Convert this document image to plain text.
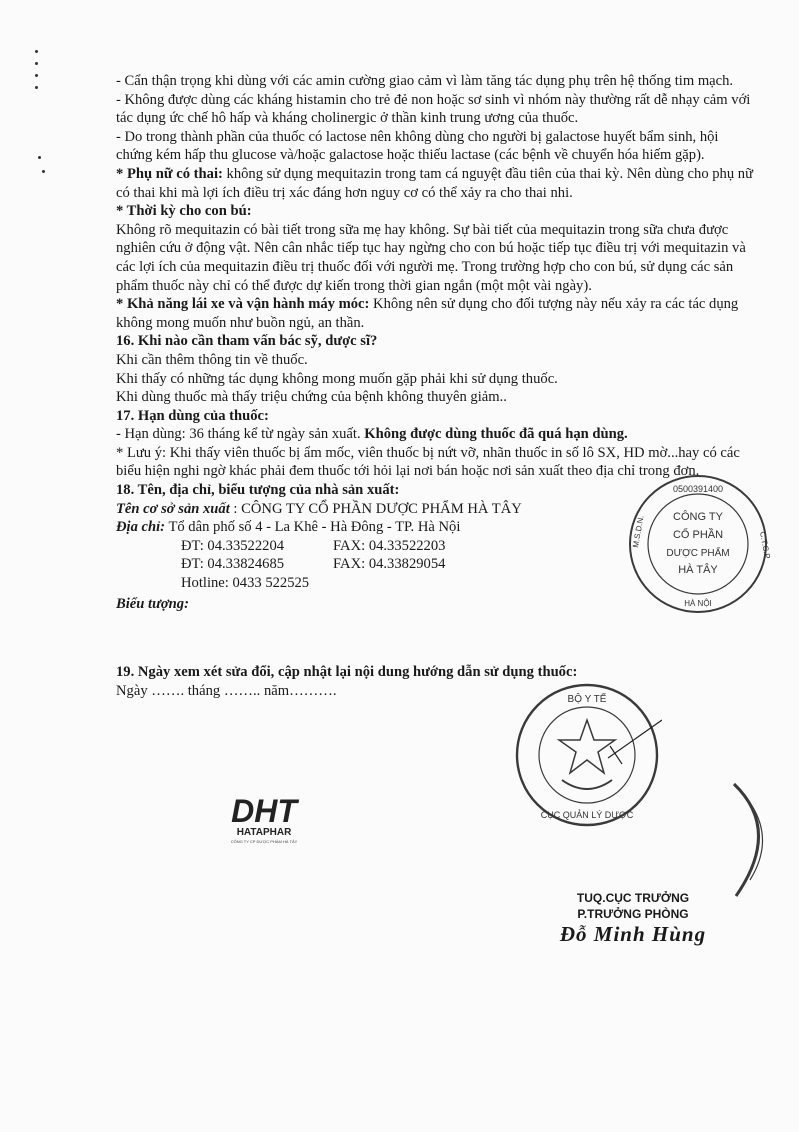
- Cẩn thận trọng khi dùng với các amin cường giao cảm vì làm tăng tác dụng phụ trên hệ thống tim mạch.

- Không được dùng các kháng histamin cho trẻ đẻ non hoặc sơ sinh vì nhóm này thường rất dễ nhạy cảm với tác dụng ức chế hô hấp và kháng cholinergic ở thần kinh trung ương của thuốc.

- Do trong thành phần của thuốc có lactose nên không dùng cho người bị galactose huyết bẩm sinh, hội chứng kém hấp thu glucose và/hoặc galactose hoặc thiếu lactase (các bệnh về chuyển hóa hiếm gặp).

* Phụ nữ có thai: không sử dụng mequitazin trong tam cá nguyệt đầu tiên của thai kỳ. Nên dùng cho phụ nữ có thai khi mà lợi ích điều trị xác đáng hơn nguy cơ có thể xảy ra cho thai nhi.

* Thời kỳ cho con bú:

Không rõ mequitazin có bài tiết trong sữa mẹ hay không. Sự bài tiết của mequitazin trong sữa chưa được nghiên cứu ở động vật. Nên cân nhắc tiếp tục hay ngừng cho con bú hoặc tiếp tục điều trị với mequitazin và các lợi ích của mequitazin điều trị thuốc đối với người mẹ. Trong trường hợp cho con bú, sử dụng các sản phẩm thuốc này chỉ có thể được dự kiến trong thời gian ngắn (một một vài ngày).

* Khả năng lái xe và vận hành máy móc: Không nên sử dụng cho đối tượng này nếu xảy ra các tác dụng không mong muốn như buồn ngủ, an thần.

16. Khi nào cần tham vấn bác sỹ, dược sĩ?

Khi cần thêm thông tin về thuốc.

Khi thấy có những tác dụng không mong muốn gặp phải khi sử dụng thuốc.

Khi dùng thuốc mà thấy triệu chứng của bệnh không thuyên giảm..

17. Hạn dùng của thuốc:

- Hạn dùng: 36 tháng kể từ ngày sản xuất. Không được dùng thuốc đã quá hạn dùng.

* Lưu ý: Khi thấy viên thuốc bị ẩm mốc, viên thuốc bị nứt vỡ, nhãn thuốc in số lô SX, HD mờ...hay có các biểu hiện nghi ngờ khác phải đem thuốc tới hỏi lại nơi bán hoặc nơi sản xuất theo địa chỉ trong đơn.

18. Tên, địa chỉ, biểu tượng của nhà sản xuất:

Tên cơ sở sản xuất : CÔNG TY CỔ PHẦN DƯỢC PHẨM HÀ TÂY

Địa chỉ: Tổ dân phố số 4 - La Khê - Hà Đông - TP. Hà Nội

ĐT: 04.33522204	FAX: 04.33522203
ĐT: 04.33824685	FAX: 04.33829054

Hotline: 0433 522525

Biểu tượng:

19. Ngày xem xét sửa đổi, cập nhật lại nội dung hướng dẫn sử dụng thuốc:

Ngày ……. tháng …….. năm……….

DHT
HATAPHAR
CÔNG TY CP DƯỢC PHẨM HÀ TÂY
0500391400
M.S.D.N.	C.T.C.P
HÀ NỘI
CÔNG TY
CỔ PHẦN
DƯỢC PHẨM
HÀ TÂY
BỘ Y TẾ
CỤC QUẢN LÝ DƯỢC
TUQ.CỤC TRƯỞNG
P.TRƯỞNG PHÒNG
Đỗ Minh Hùng
